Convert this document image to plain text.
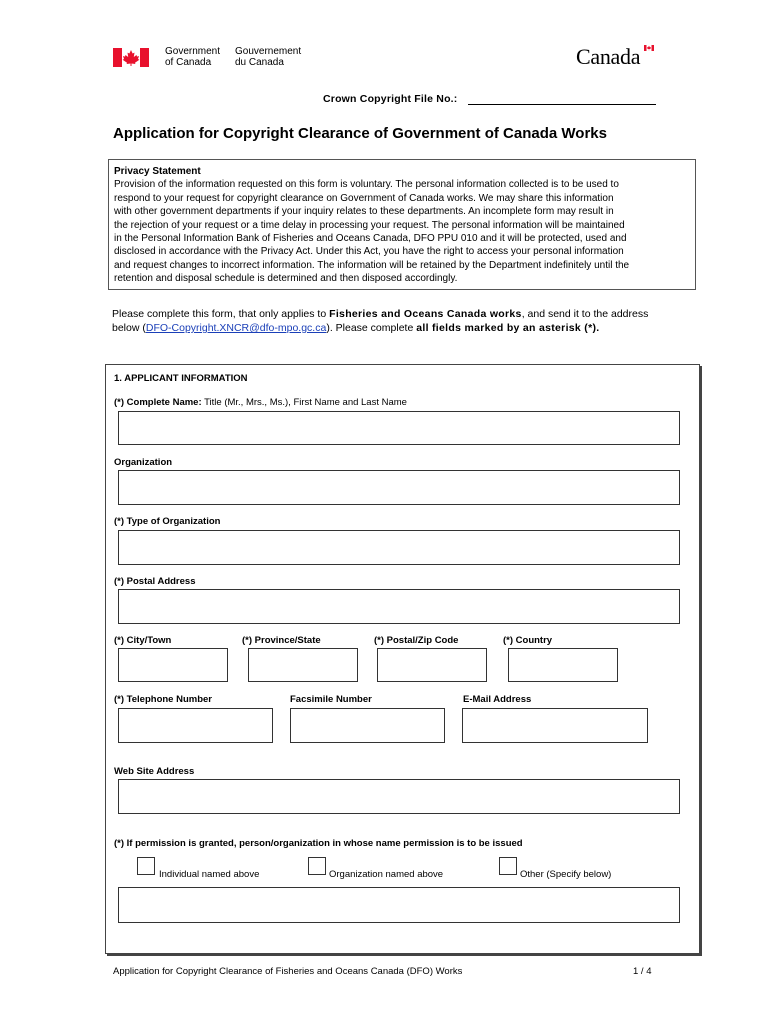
Government
of Canada
Gouvernement
du Canada	Canada
Crown Copyright File No.:
Application for Copyright Clearance of Government of Canada Works
Privacy Statement
Provision of the information requested on this form is voluntary. The personal information collected is to be used to
respond to your request for copyright clearance on Government of Canada works. We may share this information
with other government departments if your inquiry relates to these departments. An incomplete form may result in
the rejection of your request or a time delay in processing your request. The personal information will be maintained
in the Personal Information Bank of Fisheries and Oceans Canada, DFO PPU 010 and it will be protected, used and
disclosed in accordance with the Privacy Act. Under this Act, you have the right to access your personal information
and request changes to incorrect information. The information will be retained by the Department indefinitely until the
retention and disposal schedule is determined and then disposed accordingly.
Please complete this form, that only applies to Fisheries and Oceans Canada works, and send it to the address
below (DFO-Copyright.XNCR@dfo-mpo.gc.ca). Please complete all fields marked by an asterisk (*).
1. APPLICANT INFORMATION
(*) Complete Name: Title (Mr., Mrs., Ms.), First Name and Last Name
Organization
(*) Type of Organization
(*) Postal Address
(*) City/Town	(*) Province/State	(*) Postal/Zip Code	(*) Country
(*) Telephone Number	Facsimile Number	E-Mail Address
Web Site Address
(*) If permission is granted, person/organization in whose name permission is to be issued
Individual named above	Organization named above	Other (Specify below)
Application for Copyright Clearance of Fisheries and Oceans Canada (DFO) Works	1 / 4
